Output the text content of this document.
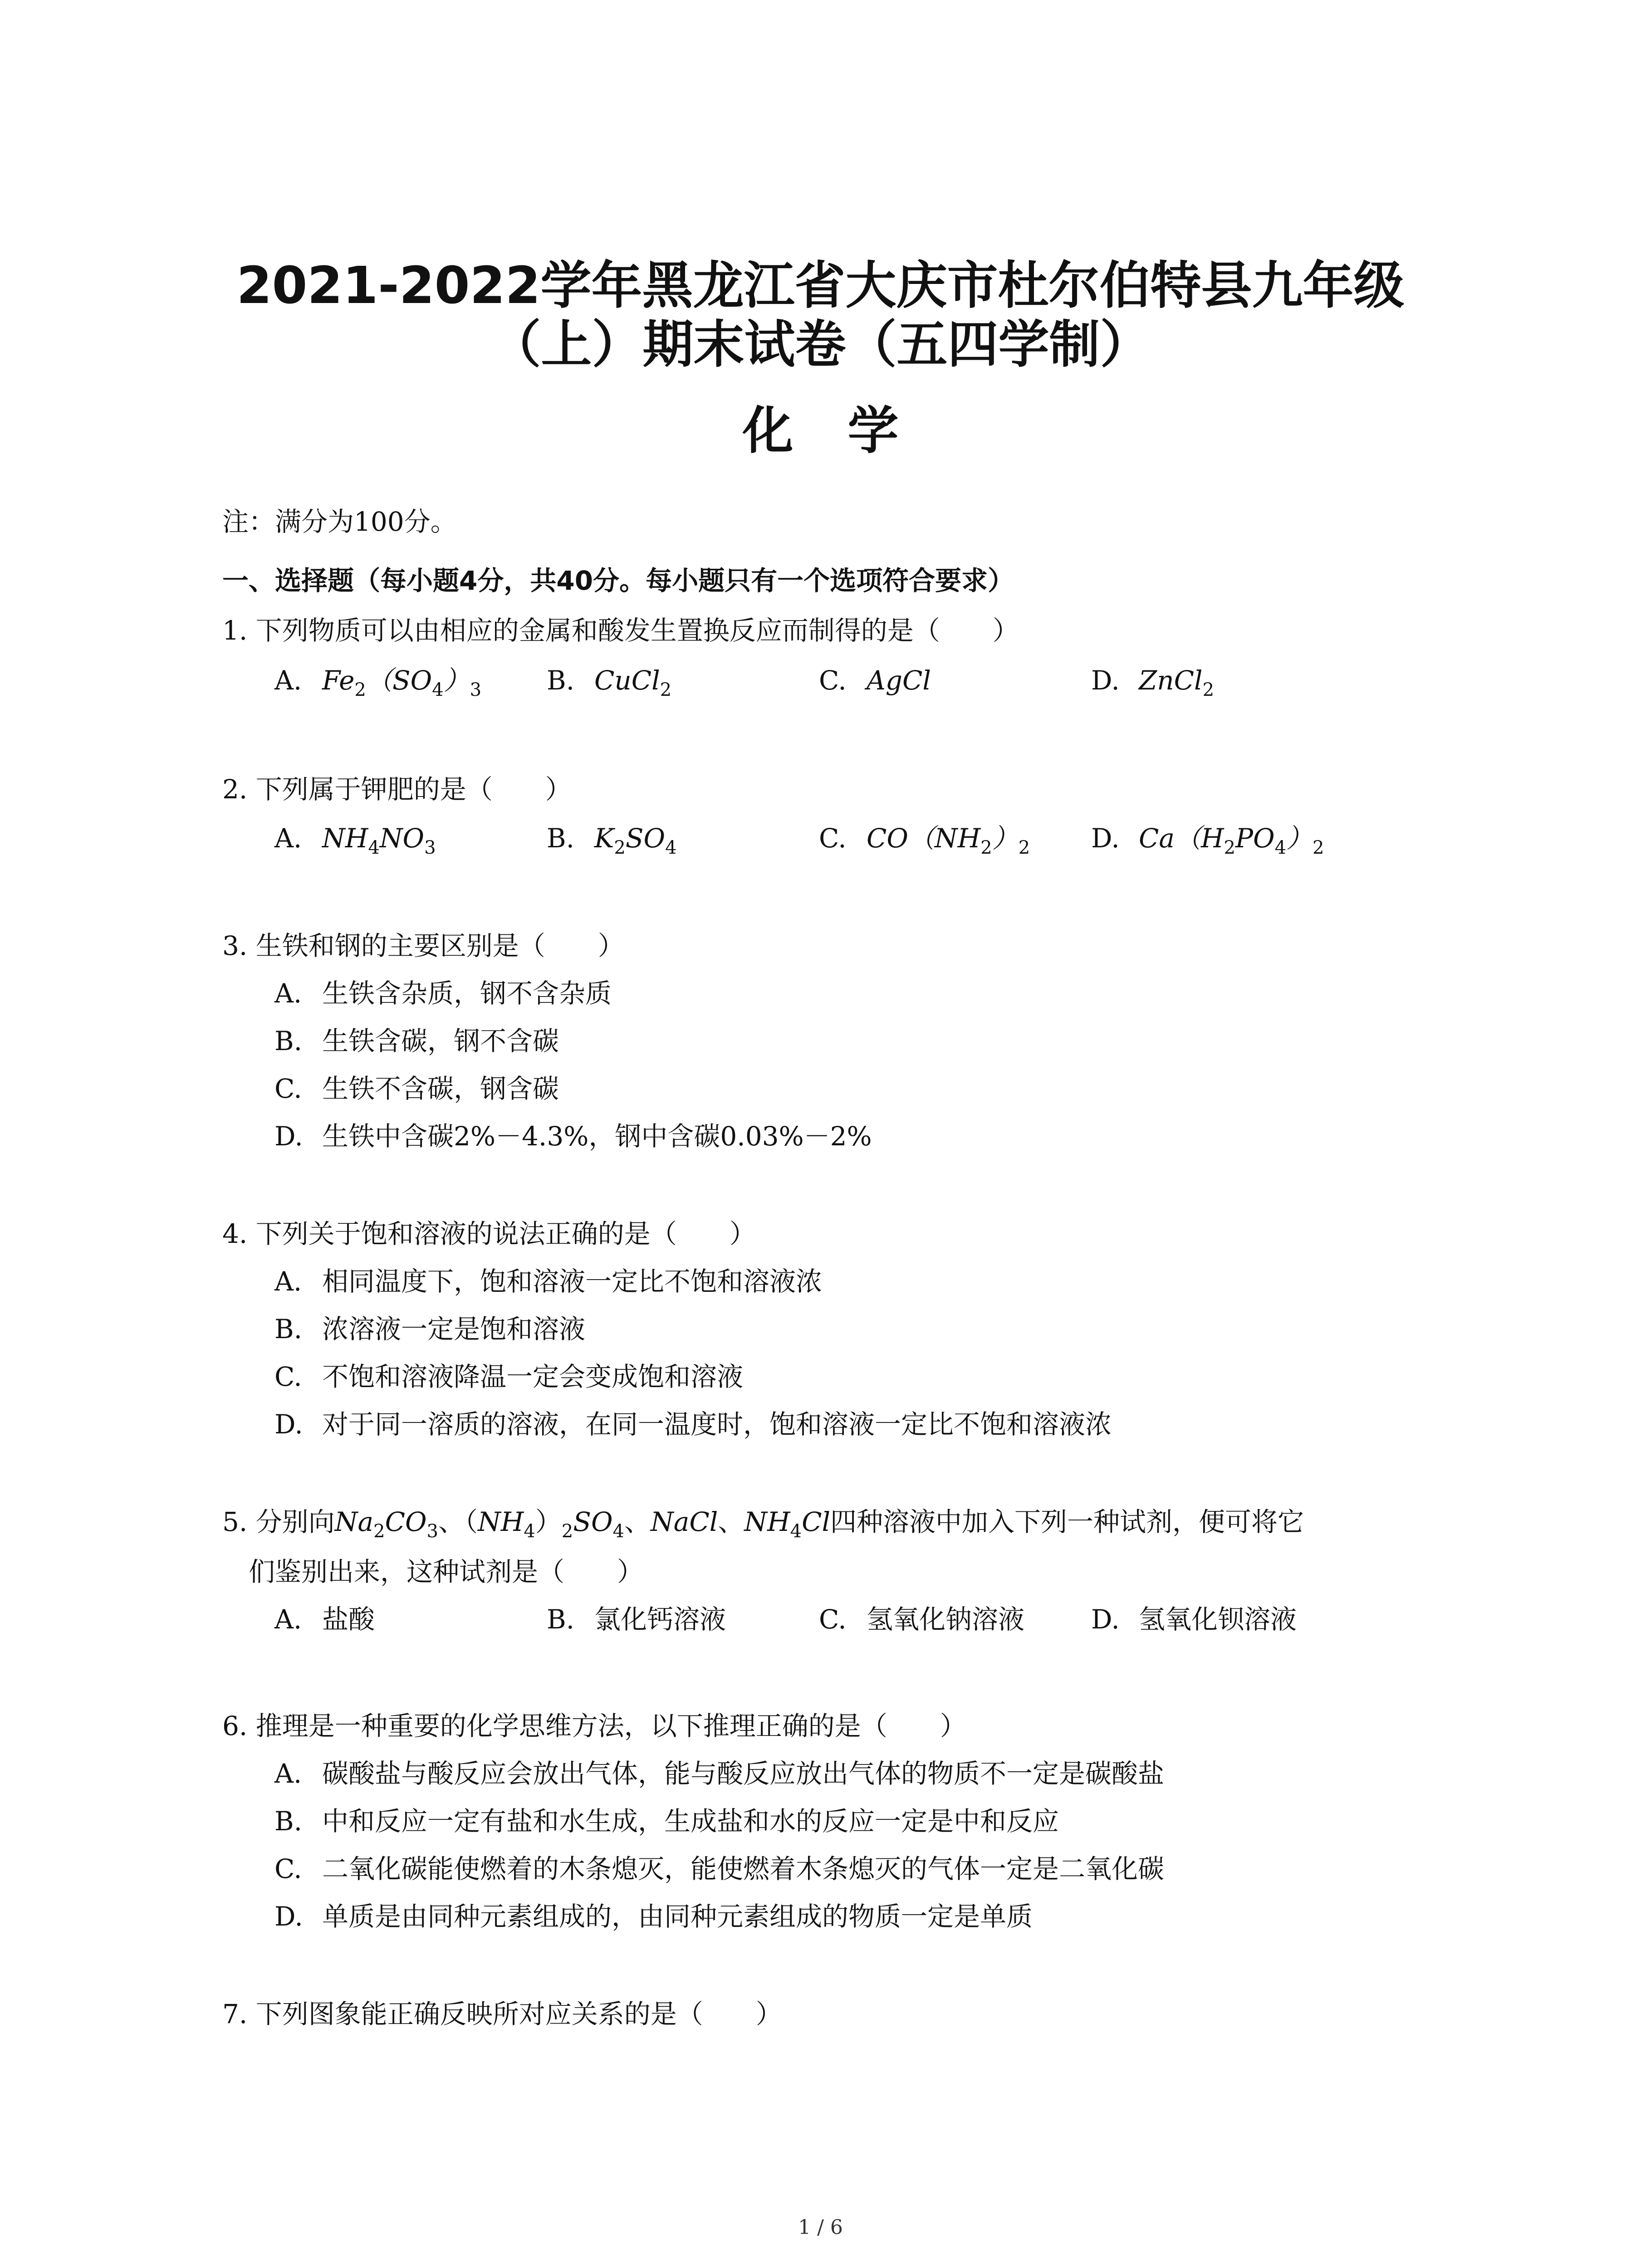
2021-2022学年黑龙江省大庆市杜尔伯特县九年级
（上）期末试卷（五四学制）
化学
注：满分为100分。
一、选择题（每小题4分，共40分。每小题只有一个选项符合要求）
1. 下列物质可以由相应的金属和酸发生置换反应而制得的是（　　）
A. $Fe_2(SO_4)_3$ B. CuCl$_2$	C. AgCl	D. ZnCl$_2$
2. 下列属于钾肥的是（　　）
A. $NH_4NO_3$	B. $K_2SO_4$	C. $CO(NH_2)_2$ D. $Ca(H_2PO_4)_2$
3. 生铁和钢的主要区别是（　　）
A. 生铁含杂质，钢不含杂质
B. 生铁含碳，钢不含碳
C. 生铁不含碳，钢含碳
D. 生铁中含碳2%－4.3%，钢中含碳0.03%－2%
4. 下列关于饱和溶液的说法正确的是（　　）
A. 相同温度下，饱和溶液一定比不饱和溶液浓
B. 浓溶液一定是饱和溶液
C. 不饱和溶液降温一定会变成饱和溶液
D. 对于同一溶质的溶液，在同一温度时，饱和溶液一定比不饱和溶液浓
5. 分别向$Na_2CO_3$、$(NH_4)_2SO_4$、NaCl、$NH_4Cl$四种溶液中加入下列一种试剂，便可将它
们鉴别出来，这种试剂是（　　）
A. 盐酸	B. 氯化钙溶液	C. 氢氧化钠溶液	D. 氢氧化钡溶液
6. 推理是一种重要的化学思维方法，以下推理正确的是（　　）
A. 碳酸盐与酸反应会放出气体，能与酸反应放出气体的物质不一定是碳酸盐
B. 中和反应一定有盐和水生成，生成盐和水的反应一定是中和反应
C. 二氧化碳能使燃着的木条熄灭，能使燃着木条熄灭的气体一定是二氧化碳
D. 单质是由同种元素组成的，由同种元素组成的物质一定是单质
7. 下列图象能正确反映所对应关系的是（　　）
1 / 6
